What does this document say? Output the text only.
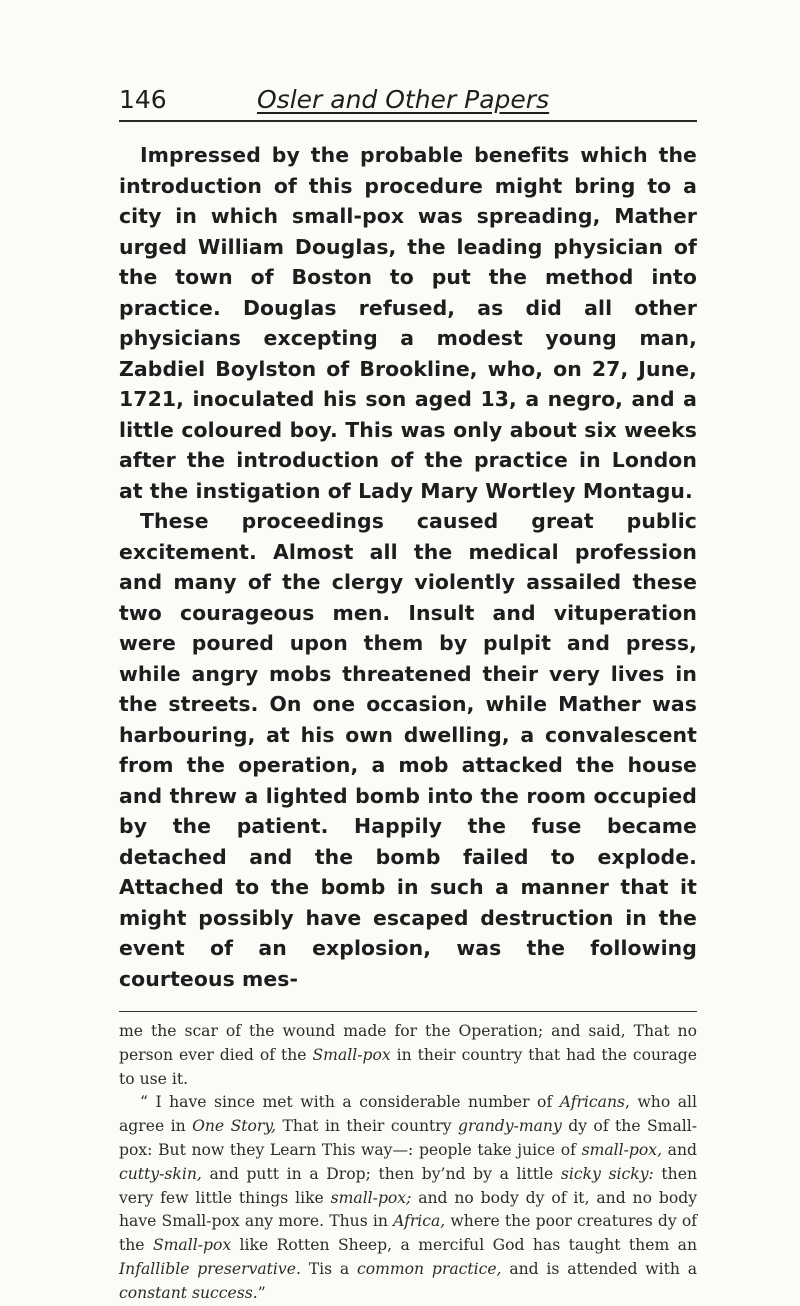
146	Osler and Other Papers

Impressed by the probable benefits which the introduction of this procedure might bring to a city in which small-pox was spreading, Mather urged William Douglas, the leading physician of the town of Boston to put the method into practice. Douglas refused, as did all other physicians excepting a modest young man, Zabdiel Boylston of Brookline, who, on 27, June, 1721, inoculated his son aged 13, a negro, and a little coloured boy. This was only about six weeks after the introduction of the practice in London at the instigation of Lady Mary Wortley Montagu.

These proceedings caused great public excitement. Almost all the medical profession and many of the clergy violently assailed these two courageous men. Insult and vituperation were poured upon them by pulpit and press, while angry mobs threatened their very lives in the streets. On one occasion, while Mather was harbouring, at his own dwelling, a convalescent from the operation, a mob attacked the house and threw a lighted bomb into the room occupied by the patient. Happily the fuse became detached and the bomb failed to explode. Attached to the bomb in such a manner that it might possibly have escaped destruction in the event of an explosion, was the following courteous mes-

me the scar of the wound made for the Operation; and said, That no person ever died of the Small-pox in their country that had the courage to use it.

“ I have since met with a considerable number of Africans, who all agree in One Story, That in their country grandy-many dy of the Small-pox: But now they Learn This way—: people take juice of small-pox, and cutty-skin, and putt in a Drop; then by’nd by a little sicky sicky: then very few little things like small-pox; and no body dy of it, and no body have Small-pox any more. Thus in Africa, where the poor creatures dy of the Small-pox like Rotten Sheep, a merciful God has taught them an Infallible preservative. Tis a common practice, and is attended with a constant success.”
